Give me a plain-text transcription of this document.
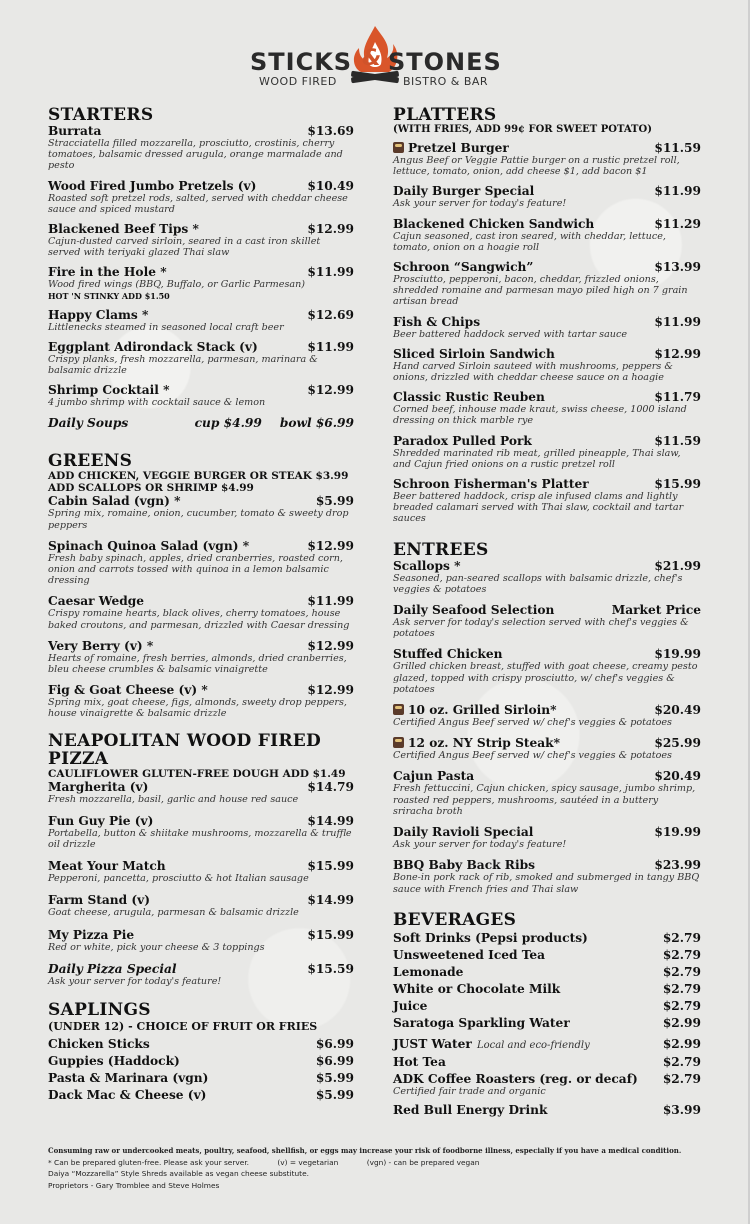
STICKS & STONES
WOOD FIRED	BISTRO & BAR
STARTERS
Burrata	$13.69
Stracciatella filled mozzarella, prosciutto, crostinis, cherry tomatoes, balsamic dressed arugula, orange marmalade and pesto
Wood Fired Jumbo Pretzels (v)	$10.49
Roasted soft pretzel rods, salted, served with cheddar cheese sauce and spiced mustard
Blackened Beef Tips *	$12.99
Cajun-dusted carved sirloin, seared in a cast iron skillet served with teriyaki glazed Thai slaw
Fire in the Hole *	$11.99
Wood fired wings (BBQ, Buffalo, or Garlic Parmesan)
HOT 'N STINKY ADD $1.50
Happy Clams *	$12.69
Littlenecks steamed in seasoned local craft beer
Eggplant Adirondack Stack (v)	$11.99
Crispy planks, fresh mozzarella, parmesan, marinara & balsamic drizzle
Shrimp Cocktail *	$12.99
4 jumbo shrimp with cocktail sauce & lemon
Daily Soups	cup $4.99 bowl $6.99
GREENS
ADD CHICKEN, VEGGIE BURGER OR STEAK $3.99
ADD SCALLOPS OR SHRIMP $4.99
Cabin Salad (vgn) *	$5.99
Spring mix, romaine, onion, cucumber, tomato & sweety drop peppers
Spinach Quinoa Salad (vgn) *	$12.99
Fresh baby spinach, apples, dried cranberries, roasted corn, onion and carrots tossed with quinoa in a lemon balsamic dressing
Caesar Wedge	$11.99
Crispy romaine hearts, black olives, cherry tomatoes, house baked croutons, and parmesan, drizzled with Caesar dressing
Very Berry (v) *	$12.99
Hearts of romaine, fresh berries, almonds, dried cranberries, bleu cheese crumbles & balsamic vinaigrette
Fig & Goat Cheese (v) *	$12.99
Spring mix, goat cheese, figs, almonds, sweety drop peppers, house vinaigrette & balsamic drizzle
NEAPOLITAN WOOD FIRED PIZZA
CAULIFLOWER GLUTEN-FREE DOUGH ADD $1.49
Margherita (v)	$14.79
Fresh mozzarella, basil, garlic and house red sauce
Fun Guy Pie (v)	$14.99
Portabella, button & shiitake mushrooms, mozzarella & truffle oil drizzle
Meat Your Match	$15.99
Pepperoni, pancetta, prosciutto & hot Italian sausage
Farm Stand (v)	$14.99
Goat cheese, arugula, parmesan & balsamic drizzle
My Pizza Pie	$15.99
Red or white, pick your cheese & 3 toppings
Daily Pizza Special	$15.59
Ask your server for today's feature!
SAPLINGS
(UNDER 12) - CHOICE OF FRUIT OR FRIES
Chicken Sticks	$6.99
Guppies (Haddock)	$6.99
Pasta & Marinara (vgn)	$5.99
Dack Mac & Cheese (v)	$5.99
PLATTERS
(WITH FRIES, ADD 99¢ FOR SWEET POTATO)
Pretzel Burger	$11.59
Angus Beef or Veggie Pattie burger on a rustic pretzel roll, lettuce, tomato, onion, add cheese $1, add bacon $1
Daily Burger Special	$11.99
Ask your server for today's feature!
Blackened Chicken Sandwich	$11.29
Cajun seasoned, cast iron seared, with cheddar, lettuce, tomato, onion on a hoagie roll
Schroon “Sangwich”	$13.99
Prosciutto, pepperoni, bacon, cheddar, frizzled onions, shredded romaine and parmesan mayo piled high on 7 grain artisan bread
Fish & Chips	$11.99
Beer battered haddock served with tartar sauce
Sliced Sirloin Sandwich	$12.99
Hand carved Sirloin sauteed with mushrooms, peppers & onions, drizzled with cheddar cheese sauce on a hoagie
Classic Rustic Reuben	$11.79
Corned beef, inhouse made kraut, swiss cheese, 1000 island dressing on thick marble rye
Paradox Pulled Pork	$11.59
Shredded marinated rib meat, grilled pineapple, Thai slaw, and Cajun fried onions on a rustic pretzel roll
Schroon Fisherman's Platter	$15.99
Beer battered haddock, crisp ale infused clams and lightly breaded calamari served with Thai slaw, cocktail and tartar sauces
ENTREES
Scallops *	$21.99
Seasoned, pan-seared scallops with balsamic drizzle, chef's veggies & potatoes
Daily Seafood Selection	Market Price
Ask server for today's selection served with chef's veggies & potatoes
Stuffed Chicken	$19.99
Grilled chicken breast, stuffed with goat cheese, creamy pesto glazed, topped with crispy prosciutto, w/ chef's veggies & potatoes
10 oz. Grilled Sirloin*	$20.49
Certified Angus Beef served w/ chef's veggies & potatoes
12 oz. NY Strip Steak*	$25.99
Certified Angus Beef served w/ chef's veggies & potatoes
Cajun Pasta	$20.49
Fresh fettuccini, Cajun chicken, spicy sausage, jumbo shrimp, roasted red peppers, mushrooms, sautéed in a buttery sriracha broth
Daily Ravioli Special	$19.99
Ask your server for today's feature!
BBQ Baby Back Ribs	$23.99
Bone-in pork rack of rib, smoked and submerged in tangy BBQ sauce with French fries and Thai slaw
BEVERAGES
Soft Drinks (Pepsi products)	$2.79
Unsweetened Iced Tea	$2.79
Lemonade	$2.79
White or Chocolate Milk	$2.79
Juice	$2.79
Saratoga Sparkling Water	$2.99
JUST Water Local and eco-friendly	$2.99
Hot Tea	$2.79
ADK Coffee Roasters (reg. or decaf) $2.79
Certified fair trade and organic
Red Bull Energy Drink	$3.99
Consuming raw or undercooked meats, poultry, seafood, shellfish, or eggs may increase your risk of foodborne illness, especially if you have a medical condition.
* Can be prepared gluten-free. Please ask your server.	(v) = vegetarian	(vgn) - can be prepared vegan
Daiya “Mozzarella” Style Shreds available as vegan cheese substitute.
Proprietors - Gary Tromblee and Steve Holmes
